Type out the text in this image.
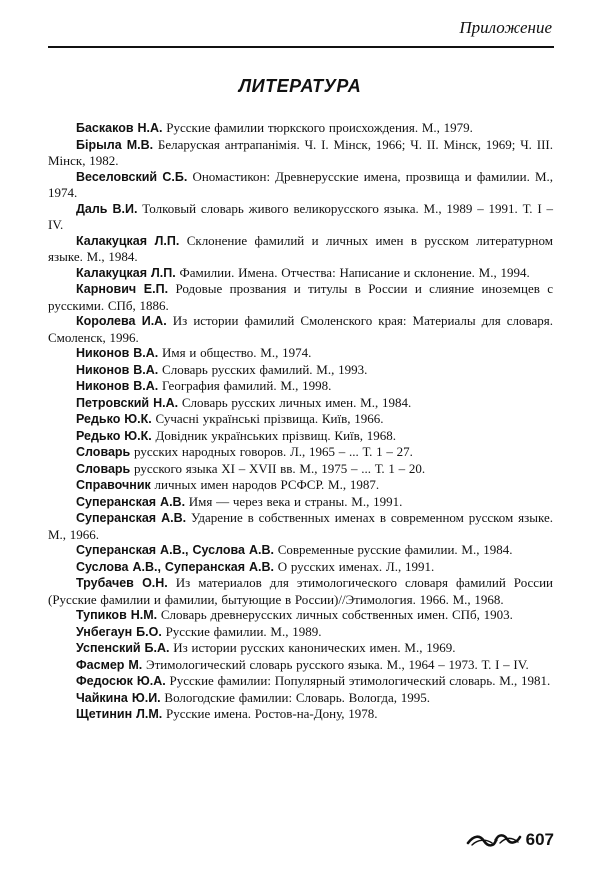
Приложение
ЛИТЕРАТУРА
Баскаков Н.А. Русские фамилии тюркского происхождения. М., 1979.
Бірыла М.В. Беларуская антрапанімія. Ч. І. Мінск, 1966; Ч. ІІ. Мінск, 1969; Ч. ІІІ. Мінск, 1982.
Веселовский С.Б. Ономастикон: Древнерусские имена, прозвища и фамилии. М., 1974.
Даль В.И. Толковый словарь живого великорусского языка. М., 1989 – 1991. Т. I – IV.
Калакуцкая Л.П. Склонение фамилий и личных имен в русском литературном языке. М., 1984.
Калакуцкая Л.П. Фамилии. Имена. Отчества: Написание и склонение. М., 1994.
Карнович Е.П. Родовые прозвания и титулы в России и слияние иноземцев с русскими. СПб, 1886.
Королева И.А. Из истории фамилий Смоленского края: Материалы для словаря. Смоленск, 1996.
Никонов В.А. Имя и общество. М., 1974.
Никонов В.А. Словарь русских фамилий. М., 1993.
Никонов В.А. География фамилий. М., 1998.
Петровский Н.А. Словарь русских личных имен. М., 1984.
Редько Ю.К. Сучасні українські прізвища. Київ, 1966.
Редько Ю.К. Довідник українських прізвищ. Київ, 1968.
Словарь русских народных говоров. Л., 1965 – ... Т. 1 – 27.
Словарь русского языка XI – XVII вв. М., 1975 – ... Т. 1 – 20.
Справочник личных имен народов РСФСР. М., 1987.
Суперанская А.В. Имя — через века и страны. М., 1991.
Суперанская А.В. Ударение в собственных именах в современном русском языке. М., 1966.
Суперанская А.В., Суслова А.В. Современные русские фамилии. М., 1984.
Суслова А.В., Суперанская А.В. О русских именах. Л., 1991.
Трубачев О.Н. Из материалов для этимологического словаря фамилий России (Русские фамилии и фамилии, бытующие в России)//Этимология. 1966. М., 1968.
Тупиков Н.М. Словарь древнерусских личных собственных имен. СПб, 1903.
Унбегаун Б.О. Русские фамилии. М., 1989.
Успенский Б.А. Из истории русских канонических имен. М., 1969.
Фасмер М. Этимологический словарь русского языка. М., 1964 – 1973. Т. I – IV.
Федосюк Ю.А. Русские фамилии: Популярный этимологический словарь. М., 1981.
Чайкина Ю.И. Вологодские фамилии: Словарь. Вологда, 1995.
Щетинин Л.М. Русские имена. Ростов-на-Дону, 1978.
607
